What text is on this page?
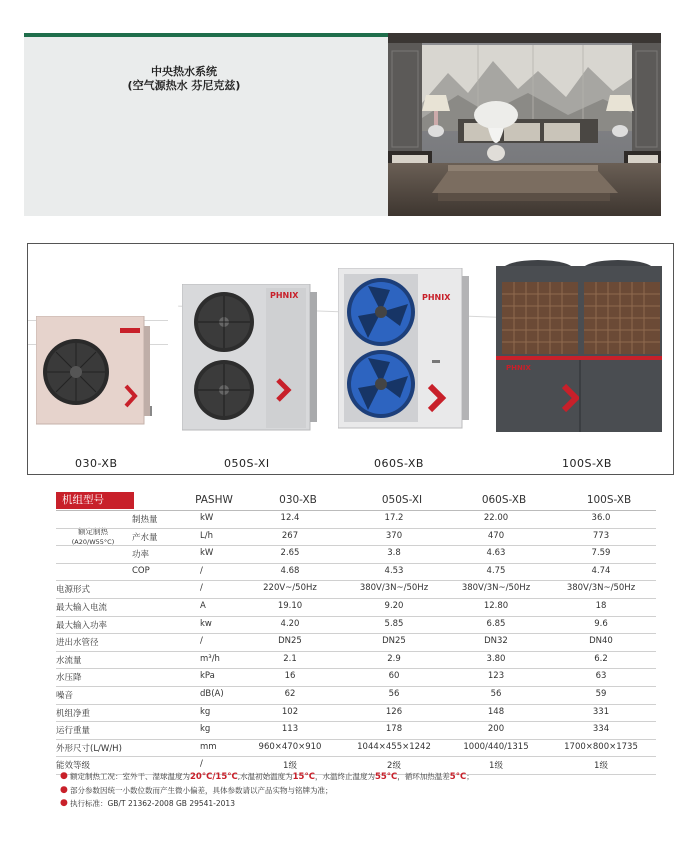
中央热水系统
(空气源热水 芬尼克兹)
PHNIX	PHNIX
PHNIX
030-XB	050S-XI	060S-XB	100S-XB
机组型号	PASHW	030-XB	050S-XI	060S-XB	100S-XB
额定制热
(A20/W55°C)
制热量	kW	12.4	17.2	22.00	36.0
产水量	L/h	267	370	470	773
功率	kW	2.65	3.8	4.63	7.59
COP	/	4.68	4.53	4.75	4.74
电源形式	/	220V~/50Hz	380V/3N~/50Hz	380V/3N~/50Hz	380V/3N~/50Hz
最大输入电流	A	19.10	9.20	12.80	18
最大输入功率	kw	4.20	5.85	6.85	9.6
进出水管径	/	DN25	DN25	DN32	DN40
水流量	m³/h	2.1	2.9	3.80	6.2
水压降	kPa	16	60	123	63
噪音	dB(A)	62	56	56	59
机组净重	kg	102	126	148	331
运行重量	kg	113	178	200	334
外形尺寸(L/W/H)	mm	960×470×910	1044×455×1242	1000/440/1315	1700×800×1735
能效等级	/	1级	2级	1级	1级
● 额定制热工况：室外干、湿球温度为20°C/15°C,水温初始温度为15°C，水温终止温度为55°C，循环加热温差5°C；
● 部分参数因统一小数位数而产生微小偏差，具体参数请以产品实物与铭牌为准；
● 执行标准：GB/T 21362-2008 GB 29541-2013
